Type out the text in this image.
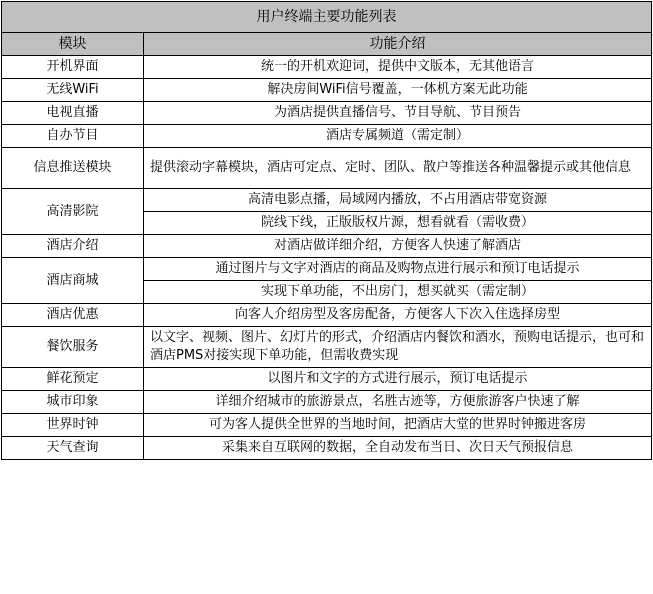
用户终端主要功能列表	
模块	功能介绍
开机界面	统一的开机欢迎词，提供中文版本，无其他语言
无线WiFi	解决房间WiFi信号覆盖，一体机方案无此功能
电视直播	为酒店提供直播信号、节目导航、节目预告
自办节目	酒店专属频道（需定制）
信息推送模块	提供滚动字幕模块，酒店可定点、定时、团队、散户等推送各种温馨提示或其他信息
高清影院	高清电影点播，局域网内播放，不占用酒店带宽资源
	院线下线，正版版权片源，想看就看（需收费）
酒店介绍	对酒店做详细介绍，方便客人快速了解酒店
酒店商城	通过图片与文字对酒店的商品及购物点进行展示和预订电话提示
	实现下单功能，不出房门，想买就买（需定制）
酒店优惠	向客人介绍房型及客房配备，方便客人下次入住选择房型
餐饮服务	以文字、视频、图片、幻灯片的形式，介绍酒店内餐饮和酒水，预购电话提示，也可和酒店PMS对接实现下单功能，但需收费实现
鲜花预定	以图片和文字的方式进行展示，预订电话提示
城市印象	详细介绍城市的旅游景点，名胜古迹等，方便旅游客户快速了解
世界时钟	可为客人提供全世界的当地时间，把酒店大堂的世界时钟搬进客房
天气查询	采集来自互联网的数据，全自动发布当日、次日天气预报信息
